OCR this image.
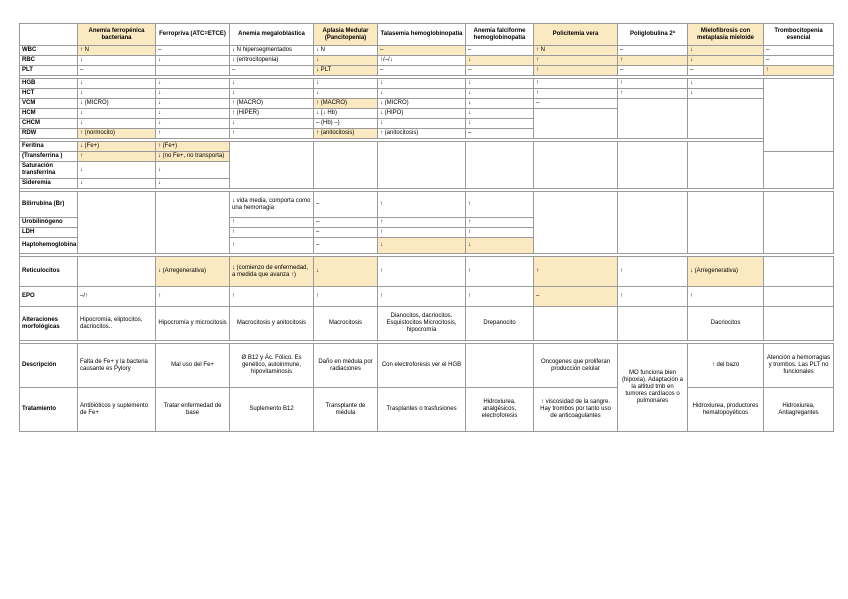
	Anemia ferropénica bacteriana	Ferropriva (ATC=ETCE)	Anemia megaloblástica	Aplasia Medular (Pancitopenia)	Talasemia hemoglobinopatía	Anemia falciforme hemoglobinopatía	Policitemia vera	Poliglobulina 2ª	Mielofibrosis con metaplasia mieloide	Trombocitopenia esencial	
WBC	↑ N	–	↓ N hipersegmentados	↓ N	–	–	↑ N	–	↓	–	
RBC	↓	↓	↓ (eritrocitopenia)	↓	↑/–/↓	↓	↑	↑	↓	–	
PLT	–		–	↓ PLT	–	–	↑	–	–	↑	

HGB	↓	↓	↓	↓	↓	↓	↑	↑	↓		
HCT	↓	↓	↓	↓	↓	↓	↑	↑	↓		
VCM	↓ (MICRO)	↓	↑ (MACRO)	↑ (MACRO)	↓ (MICRO)	↓	–				
HCM	↓	↓	↑ (HIPER)	↓ (↓ Hb)	↓ (HIPO)	↓					
CHCM	↓	↓	↓	– (Hb) –)	↓	↓					
RDW	↑ (normocito)	↑	↑	↑ (anitocitosis)	↑ (anitocitosis)	–					

Feritina	↓ (Fe+)	↑ (Fe+)									
(Transferrina )	↑	↓ (no Fe+, no transporta)									
Saturación transferrina	↓	↓									
Sideremia	↓	↓									

Bilirrubina (Br)			↓ vida media, comporta como una hemorragia	–	↑	↑					
Urobilinógeno			↑	–	↑	↑					
LDH			↑	–	↑	↑					
Haptohemoglobina			↑	–	↓	↓					

Reticulocitos		↓ (Arregenerativa)	↓ (comienzo de enfermedad, a medida que avanza ↑)	↓	↑	↑	↑	↑	↓ (Arregenerativa)		
EPO	–/↑	↑	↑	↑	↑	↑	–	↑	↑		
Alteraciones morfológicas	Hipocromía, eliptocitos, dacriocitos..	Hipocromía y microcitosis	Macrocitosis y anitocitosis	Macrocitosis	Dianocitos, dacriocitos. Esquistocitos Microcitosis, hipocromía	Drepanocito			Dacriocitos		

Descripción	Falta de Fe+ y la bacteria causante es Pylory	Mal uso del Fe+	Ø B12 y Ác. Fólico. Es genético, autoinmune, hipovitaminosis	Daño en médula por radiaciones	Con electroforesis ver el HGB		Oncogenes que proliferan producción celular	MO funciona bien (hipoxia). Adaptación a la altitud tmb en tumores cardíacos o pulmonares	↑ del bazo	Atención a hemorragias y trombos. Las PLT no funcionales	
Tratamiento	Antibióticos y suplemento de Fe+	Tratar enfermedad de base	Suplemento B12	Transplante de médula	Trasplantes o trasfusiones	Hidroxiurea, analgésicos, electroforesis	↑ viscosidad de la sangre. Hay trombos por tanto uso de anticoagulantes		Hidroxiurea, productores hematopoyéticos	Hidroxiurea, Antiagregantes	
